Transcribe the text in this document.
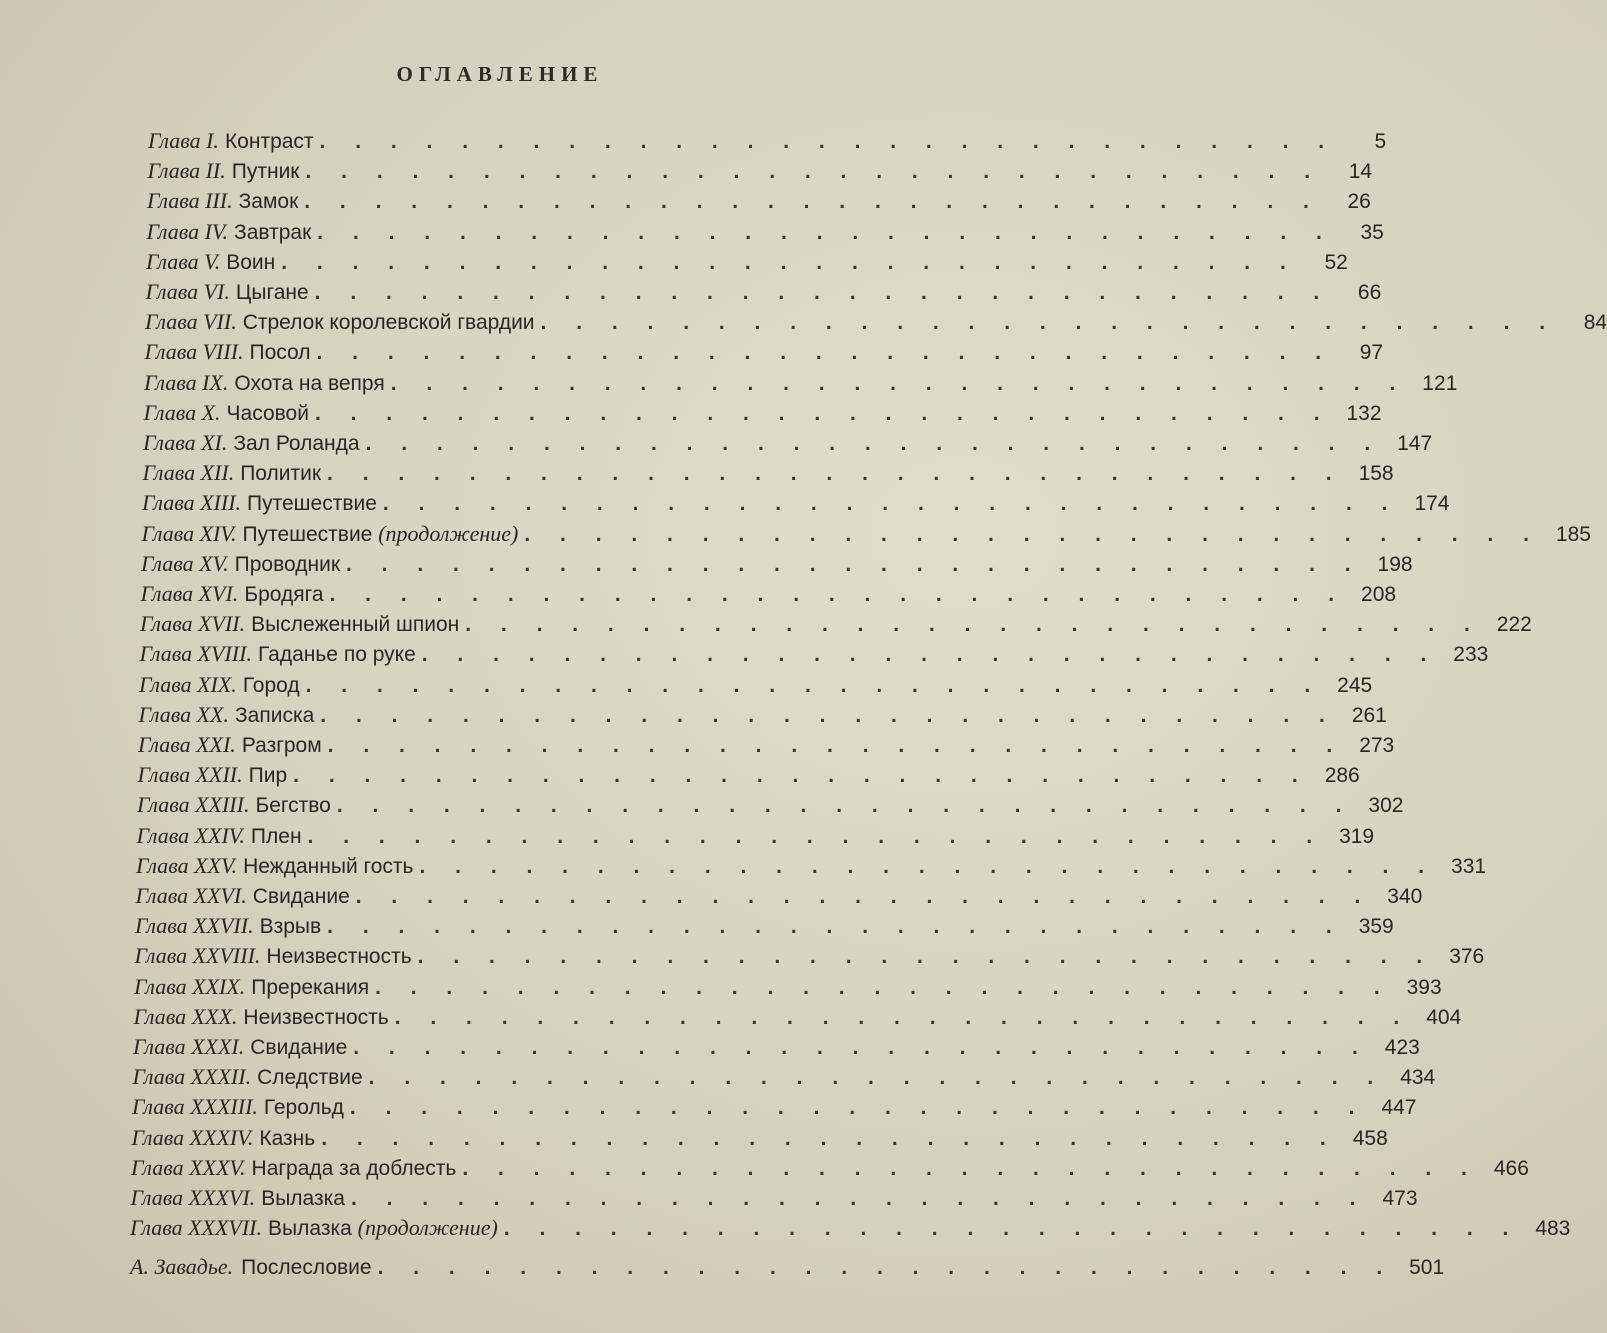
ОГЛАВЛЕНИЕ
Глава I. Контраст . . . . . . . . . . . . . . . . . . . . . . . . . . . . .	5
Глава II. Путник . . . . . . . . . . . . . . . . . . . . . . . . . . . . .	14
Глава III. Замок . . . . . . . . . . . . . . . . . . . . . . . . . . . . .	26
Глава IV. Завтрак . . . . . . . . . . . . . . . . . . . . . . . . . . . . .	35
Глава V. Воин . . . . . . . . . . . . . . . . . . . . . . . . . . . . .	52
Глава VI. Цыгане . . . . . . . . . . . . . . . . . . . . . . . . . . . . .	66
Глава VII. Стрелок королевской гвардии . . . . . . . . . . . . . . . . . . . . . . . . . . . . .	84
Глава VIII. Посол . . . . . . . . . . . . . . . . . . . . . . . . . . . . .	97
Глава IX. Охота на вепря . . . . . . . . . . . . . . . . . . . . . . . . . . . . . 121
Глава X. Часовой . . . . . . . . . . . . . . . . . . . . . . . . . . . . . 132
Глава XI. Зал Роланда . . . . . . . . . . . . . . . . . . . . . . . . . . . . . 147
Глава XII. Политик . . . . . . . . . . . . . . . . . . . . . . . . . . . . . 158
Глава XIII. Путешествие . . . . . . . . . . . . . . . . . . . . . . . . . . . . . 174
Глава XIV. Путешествие
(продолжение) . . . . . . . . . . . . . . . . . . . . . . . . . . . . . 185
Глава XV. Проводник . . . . . . . . . . . . . . . . . . . . . . . . . . . . . 198
Глава XVI. Бродяга . . . . . . . . . . . . . . . . . . . . . . . . . . . . . 208
Глава XVII. Выслеженный шпион . . . . . . . . . . . . . . . . . . . . . . . . . . . . . 222
Глава XVIII. Гаданье по руке . . . . . . . . . . . . . . . . . . . . . . . . . . . . . 233
Глава XIX. Город . . . . . . . . . . . . . . . . . . . . . . . . . . . . . 245
Глава XX. Записка . . . . . . . . . . . . . . . . . . . . . . . . . . . . . 261
Глава XXI. Разгром . . . . . . . . . . . . . . . . . . . . . . . . . . . . . 273
Глава XXII. Пир . . . . . . . . . . . . . . . . . . . . . . . . . . . . . 286
Глава XXIII. Бегство . . . . . . . . . . . . . . . . . . . . . . . . . . . . . 302
Глава XXIV. Плен . . . . . . . . . . . . . . . . . . . . . . . . . . . . . 319
Глава XXV. Нежданный гость . . . . . . . . . . . . . . . . . . . . . . . . . . . . . 331
Глава XXVI. Свидание . . . . . . . . . . . . . . . . . . . . . . . . . . . . . 340
Глава XXVII. Взрыв . . . . . . . . . . . . . . . . . . . . . . . . . . . . . 359
Глава XXVIII. Неизвестность . . . . . . . . . . . . . . . . . . . . . . . . . . . . . 376
Глава XXIX. Пререкания . . . . . . . . . . . . . . . . . . . . . . . . . . . . . 393
Глава XXX. Неизвестность . . . . . . . . . . . . . . . . . . . . . . . . . . . . . 404
Глава XXXI. Свидание . . . . . . . . . . . . . . . . . . . . . . . . . . . . . 423
Глава XXXII. Следствие . . . . . . . . . . . . . . . . . . . . . . . . . . . . . 434
Глава XXXIII. Герольд . . . . . . . . . . . . . . . . . . . . . . . . . . . . . 447
Глава XXXIV. Казнь . . . . . . . . . . . . . . . . . . . . . . . . . . . . . 458
Глава XXXV. Награда за доблесть . . . . . . . . . . . . . . . . . . . . . . . . . . . . . 466
Глава XXXVI. Вылазка . . . . . . . . . . . . . . . . . . . . . . . . . . . . . 473
Глава XXXVII. Вылазка
(продолжение) . . . . . . . . . . . . . . . . . . . . . . . . . . . . . 483
А. Завадье. Послесловие . . . . . . . . . . . . . . . . . . . . . . . . . . . . . 501
